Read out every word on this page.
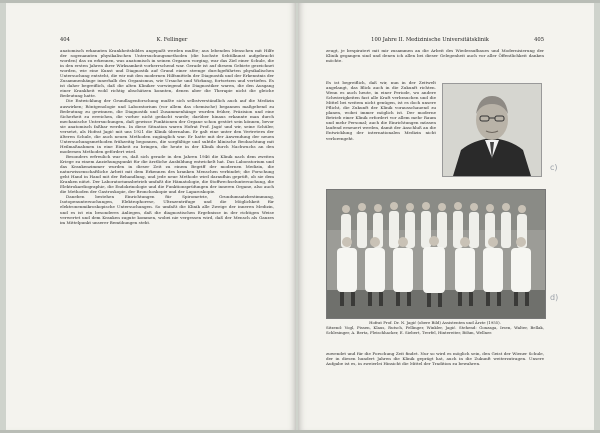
404	K. Fellinger

anatomisch erkannten Krankheitsbildes angepaßt werden mußte; aus lebenden Menschen mit Hilfe der sogenannten physikalischen Untersuchungsmethoden (die hochste Sehtilkunst aufgebracht worden) das zu erkennen, was anatomisch in seinen Organen vorging, war das Ziel einer Schule, die in den ersten Jahren ihrer Wirksamkeit vorherrschend war. Gerade ist auf diesem Gebiete gezeichnet worden, wie eine Kunst und Diagnostik auf Grund einer strenge durchgeführten physikalischen Untersuchung entsteht, die wir mit den modernen Hilfsmitteln der Diagnostik und der Erkenntnis der Zusammenhänge innerhalb des Organismus, wie Ursache und Wirkung, fortsetzen und vertiefen. Es ist daher begreiflich, daß die alten Kliniker vorwiegend die Diagnostiker waren, die den Ausgang einer Krankheit wohl richtig abschätzen konnten, denen aber die Therapie nicht die gleiche Bedeutung hatte.

Die Entwicklung der Grundlagenforschung mußte sich selbstverständlich auch auf die Medizin auswirken; Röntgenologie und Laboratorium (vor allem das chemische) begannen maßgebend zu Bedeutung zu gewinnen, die Diagnostik und Zusammenhänge wurden früher, Präzision und eine Sicherheit zu erreichen, die vorher nicht gedacht wurde; darüber hinaus erkannte man durch mechanische Untersuchungen, daß gewisse Funktionen der Organe schon gestört sein können, bevor sie anatomisch faßbar werden. In diese Situation waren Hofrat Prof. Jagić und wir, seine Schüler, versetzt, als Hofrat Jagić mit uns 1921 die Klinik übernahm. Er galt eine unter den Vertretern der älteren Schule, die auch neuen Methoden zugänglich war. Er hatte mit der Anwendung der neuen Untersuchungsmethoden frühzeitig begonnen, die sorgfältige und subtile klinische Beobachtung mit Heilmaßnahmen in eine Einheit zu bringen, die heute in der Klinik durch Nachwuchs an den modernen Methoden gefördert wird.

Besonders erfreulich war es, daß sich gerade in den Jahren 1946 die Klinik nach dem zweiten Kriege zu einem Anziehungspunkt für die ärztliche Ausbildung entwickelt hat. Das Laboratorium und das Krankenzimmer wurden in dieser Zeit zu einem Begriff der modernen Medizin, die naturwissenschaftliche Arbeit mit dem Erkennen des kranken Menschen verbindet; die Forschung geht Hand in Hand mit der Behandlung, und jede neue Methode wird daraufhin geprüft, ob sie dem Kranken nützt. Der Laboratoriumsbetrieb umfaßt die Hämatologie, die Stoffwechseluntersuchung, die Elektrokardiographie, die Endokrinologie und die Funktionsprüfungen der inneren Organe, also auch die Methoden der Gastroskopie, der Bronchoskopie und der Laparoskopie.

Daneben bestehen Einrichtungen für Spirometrie, Grundumsatzbestimmung, Isotopenuntersuchungen, Elektrophorese, Ultrazentrifuge und die Möglichkeit für elektronenmikroskopische Untersuchungen. So umfaßt die Klinik alle Zweige der inneren Medizin, und es ist ein besonderes Anliegen, daß die diagnostischen Ergebnisse in der richtigen Weise verwertet und dem Kranken zugute kommen, wobei nie vergessen wird, daß der Mensch als Ganzes im Mittelpunkt unserer Bemühungen steht.

100 Jahre II. Medizinische Universitätsklinik	405
zeugt, je bespiratert mit mir zusammen an die Arbeit des Wiederaufbaues und Modernisierung der Klinik gegangen sind und denen ich allen bei dieser Gelegenheit auch vor aller Öffentlichkeit danken möchte.
Es ist begreiflich, daß wir, nun in der Zeitwelt angelangt, das Blick auch in die Zukunft richten. Wenn es auch heute, in einer Periode, wo andere Schwierigkeiten fast alle Kraft verbrauchen und die Mittel bei weitem nicht genügen, ist es doch unsere Pflicht, die Zukunft der Klinik vorausschauend zu planen, wobei immer möglich ist. Der moderne Betrieb einer Klinik erfordert vor allem mehr Raum und mehr Personal; auch die Einrichtungen müssen laufend erneuert werden, damit der Anschluß an die Entwicklung der internationalen Medizin nicht verlorengeht.
Hofrat Prof. Dr. N. Jagić (obere Bild) Assistenten und Ärzte (1955).
Sitzend: Vogl, Pissen, Klaus, Rutsch, Fellinger, Winkler, Jagić. Stehend: Gonzaga, Irsen, Walter, Bellak, Schlesinger, A. Berta, Fleischhacker, E. Siebert, Trerfel, Hintereiter, Böhm, Wellner.
zuwendet und für die Forschung Zeit findet. Nur so wird es möglich sein, den Geist der Wiener Schule, der in diesen hundert Jahren die Klinik geprägt hat, auch in die Zukunft weiterzutragen. Unsere Aufgabe ist es, in zweierlei Hinsicht die Mittel der Tradition zu bewahren.
c)
d)
